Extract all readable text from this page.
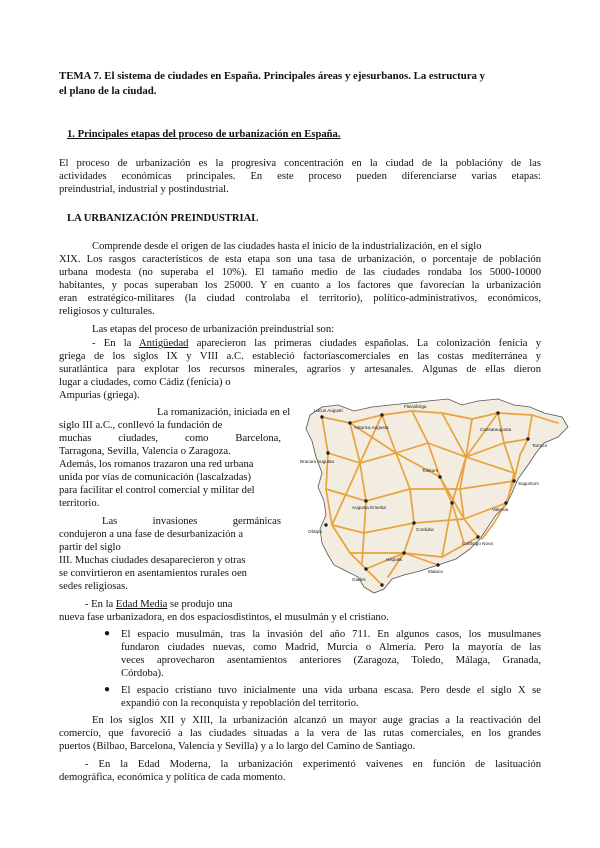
TEMA 7. El sistema de ciudades en España. Principales áreas y ejesurbanos. La estructura y

el plano de la ciudad.

1. Principales etapas del proceso de urbanización en España.

El proceso de urbanización es la progresiva concentración en la ciudad de la poblacióny de las

actividades económicas principales. En este proceso pueden diferenciarse varias etapas:

preindustrial, industrial y postindustrial.

LA URBANIZACIÓN PREINDUSTRIAL

Comprende desde el origen de las ciudades hasta el inicio de la industrialización, en el siglo

XIX. Los rasgos característicos de esta etapa son una tasa de urbanización, o porcentaje de población

urbana modesta (no superaba el 10%). El tamaño medio de las ciudades rondaba los 5000-10000

habitantes, y pocas superaban los 25000. Y en cuanto a los factores que favorecían la urbanización

eran estratégico-militares (la ciudad controlaba el territorio), político-administrativos, económicos,

religiosos y culturales.

Las etapas del proceso de urbanización preindustrial son:

- En la Antigüedad aparecieron las primeras ciudades españolas. La colonización fenicia y

griega de los siglos IX y VIII a.C. estableció factoríascomerciales en las costas mediterránea y

suratlántica para explotar los recursos minerales, agrarios y artesanales. Algunas de ellas dieron

lugar a ciudades, como Cádiz (fenicia) o

Ampurias (griega).

La romanización, iniciada en el

siglo III a.C., conllevó la fundación de

muchas ciudades, como Barcelona,

Tarragona, Sevilla, Valencia o Zaragoza.

Además, los romanos trazaron una red urbana

unida por vías de comunicación (lascalzadas)

para facilitar el control comercial y militar del

territorio.

Las invasiones germánicas

condujeron a una fase de desurbanización a

partir del siglo

III. Muchas ciudades desaparecieron y otras

se convirtieron en asentamientos rurales oen

sedes religiosas.

- En la Edad Media se produjo una

nueva fase urbanizadora, en dos espaciosdistintos, el musulmán y el cristiano.

● El espacio musulmán, tras la invasión del año 711. En algunos casos, los musulmanes

fundaron ciudades nuevas, como Madrid, Murcia o Almería. Pero la mayoría de las

veces aprovecharon asentamientos anteriores (Zaragoza, Toledo, Málaga, Granada,

Córdoba).

● El espacio cristiano tuvo inicialmente una vida urbana escasa. Pero desde el siglo X se

expandió con la reconquista y repoblación del territorio.

En los siglos XII y XIII, la urbanización alcanzó un mayor auge gracias a la reactivación del

comercio, que favoreció a las ciudades situadas a la vera de las rutas comerciales, en los grandes

puertos (Bilbao, Barcelona, Valencia y Sevilla) y a lo largo del Camino de Santiago.

- En la Edad Moderna, la urbanización experimentó vaivenes en función de lasituación

demográfica, económica y política de cada momento.

Lucus Augusti
Flaviobriga
Asturica Augusta
Bracara Augusta
Caesaraugusta
Tarraco
Saguntum
Valentia
Toletum
Augusta Emerita
Olisipo	Corduba
Hispalis
Gades
Malaca
Carthago Nova
